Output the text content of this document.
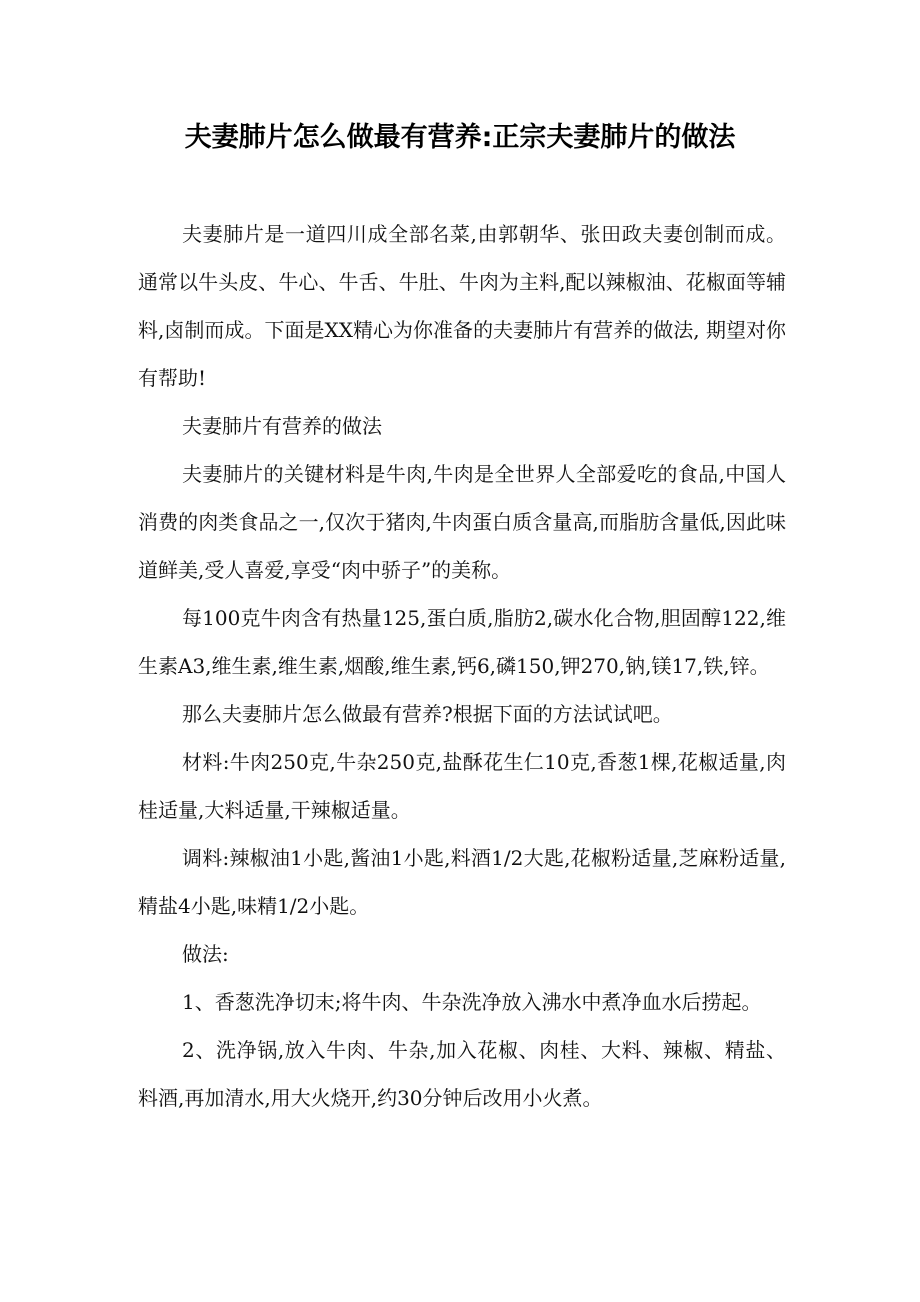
夫妻肺片怎么做最有营养:正宗夫妻肺片的做法

夫妻肺片是一道四川成全部名菜,由郭朝华、张田政夫妻创制而成。通常以牛头皮、牛心、牛舌、牛肚、牛肉为主料,配以辣椒油、花椒面等辅料,卤制而成。下面是XX精心为你准备的夫妻肺片有营养的做法, 期望对你有帮助!

夫妻肺片有营养的做法

夫妻肺片的关键材料是牛肉,牛肉是全世界人全部爱吃的食品,中国人消费的肉类食品之一,仅次于猪肉,牛肉蛋白质含量高,而脂肪含量低,因此味道鲜美,受人喜爱,享受“肉中骄子”的美称。

每100克牛肉含有热量125,蛋白质,脂肪2,碳水化合物,胆固醇122,维生素A3,维生素,维生素,烟酸,维生素,钙6,磷150,钾270,钠,镁17,铁,锌。

那么夫妻肺片怎么做最有营养?根据下面的方法试试吧。

材料:牛肉250克,牛杂250克,盐酥花生仁10克,香葱1棵,花椒适量,肉桂适量,大料适量,干辣椒适量。

调料:辣椒油1小匙,酱油1小匙,料酒1/2大匙,花椒粉适量,芝麻粉适量,精盐4小匙,味精1/2小匙。

做法:

1、香葱洗净切末;将牛肉、牛杂洗净放入沸水中煮净血水后捞起。

2、洗净锅,放入牛肉、牛杂,加入花椒、肉桂、大料、辣椒、精盐、料酒,再加清水,用大火烧开,约30分钟后改用小火煮。
